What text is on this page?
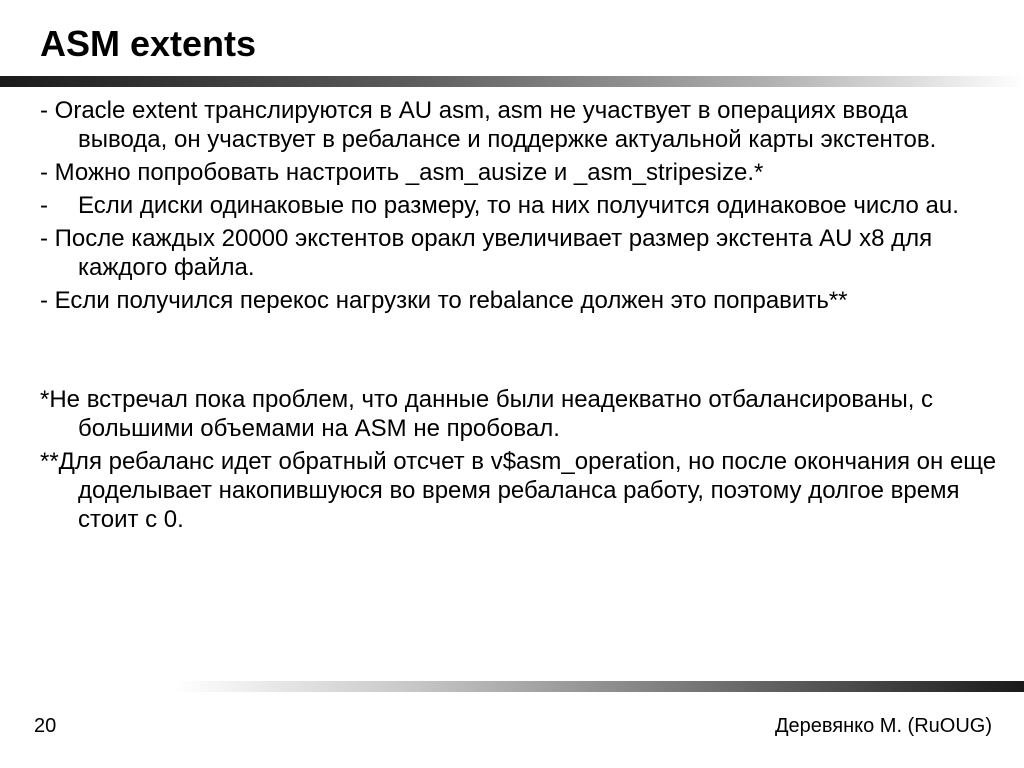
ASM extents

- Oracle extent транслируются в AU asm, asm не участвует в операциях ввода вывода, он участвует в ребалансе и поддержке актуальной карты экстентов.

- Можно попробовать настроить _asm_ausize и _asm_stripesize.*

- Если диски одинаковые по размеру, то на них получится одинаковое число au.

- После каждых 20000 экстентов оракл увеличивает размер экстента AU x8 для каждого файла.

- Если получился перекос нагрузки то rebalance должен это поправить**

*Не встречал пока проблем, что данные были неадекватно отбалансированы, с большими объемами на ASM не пробовал.

**Для ребаланс идет обратный отсчет в v$asm_operation, но после окончания он еще доделывает накопившуюся во время ребаланса работу, поэтому долгое время стоит с 0.

20	Деревянко М. (RuOUG)
